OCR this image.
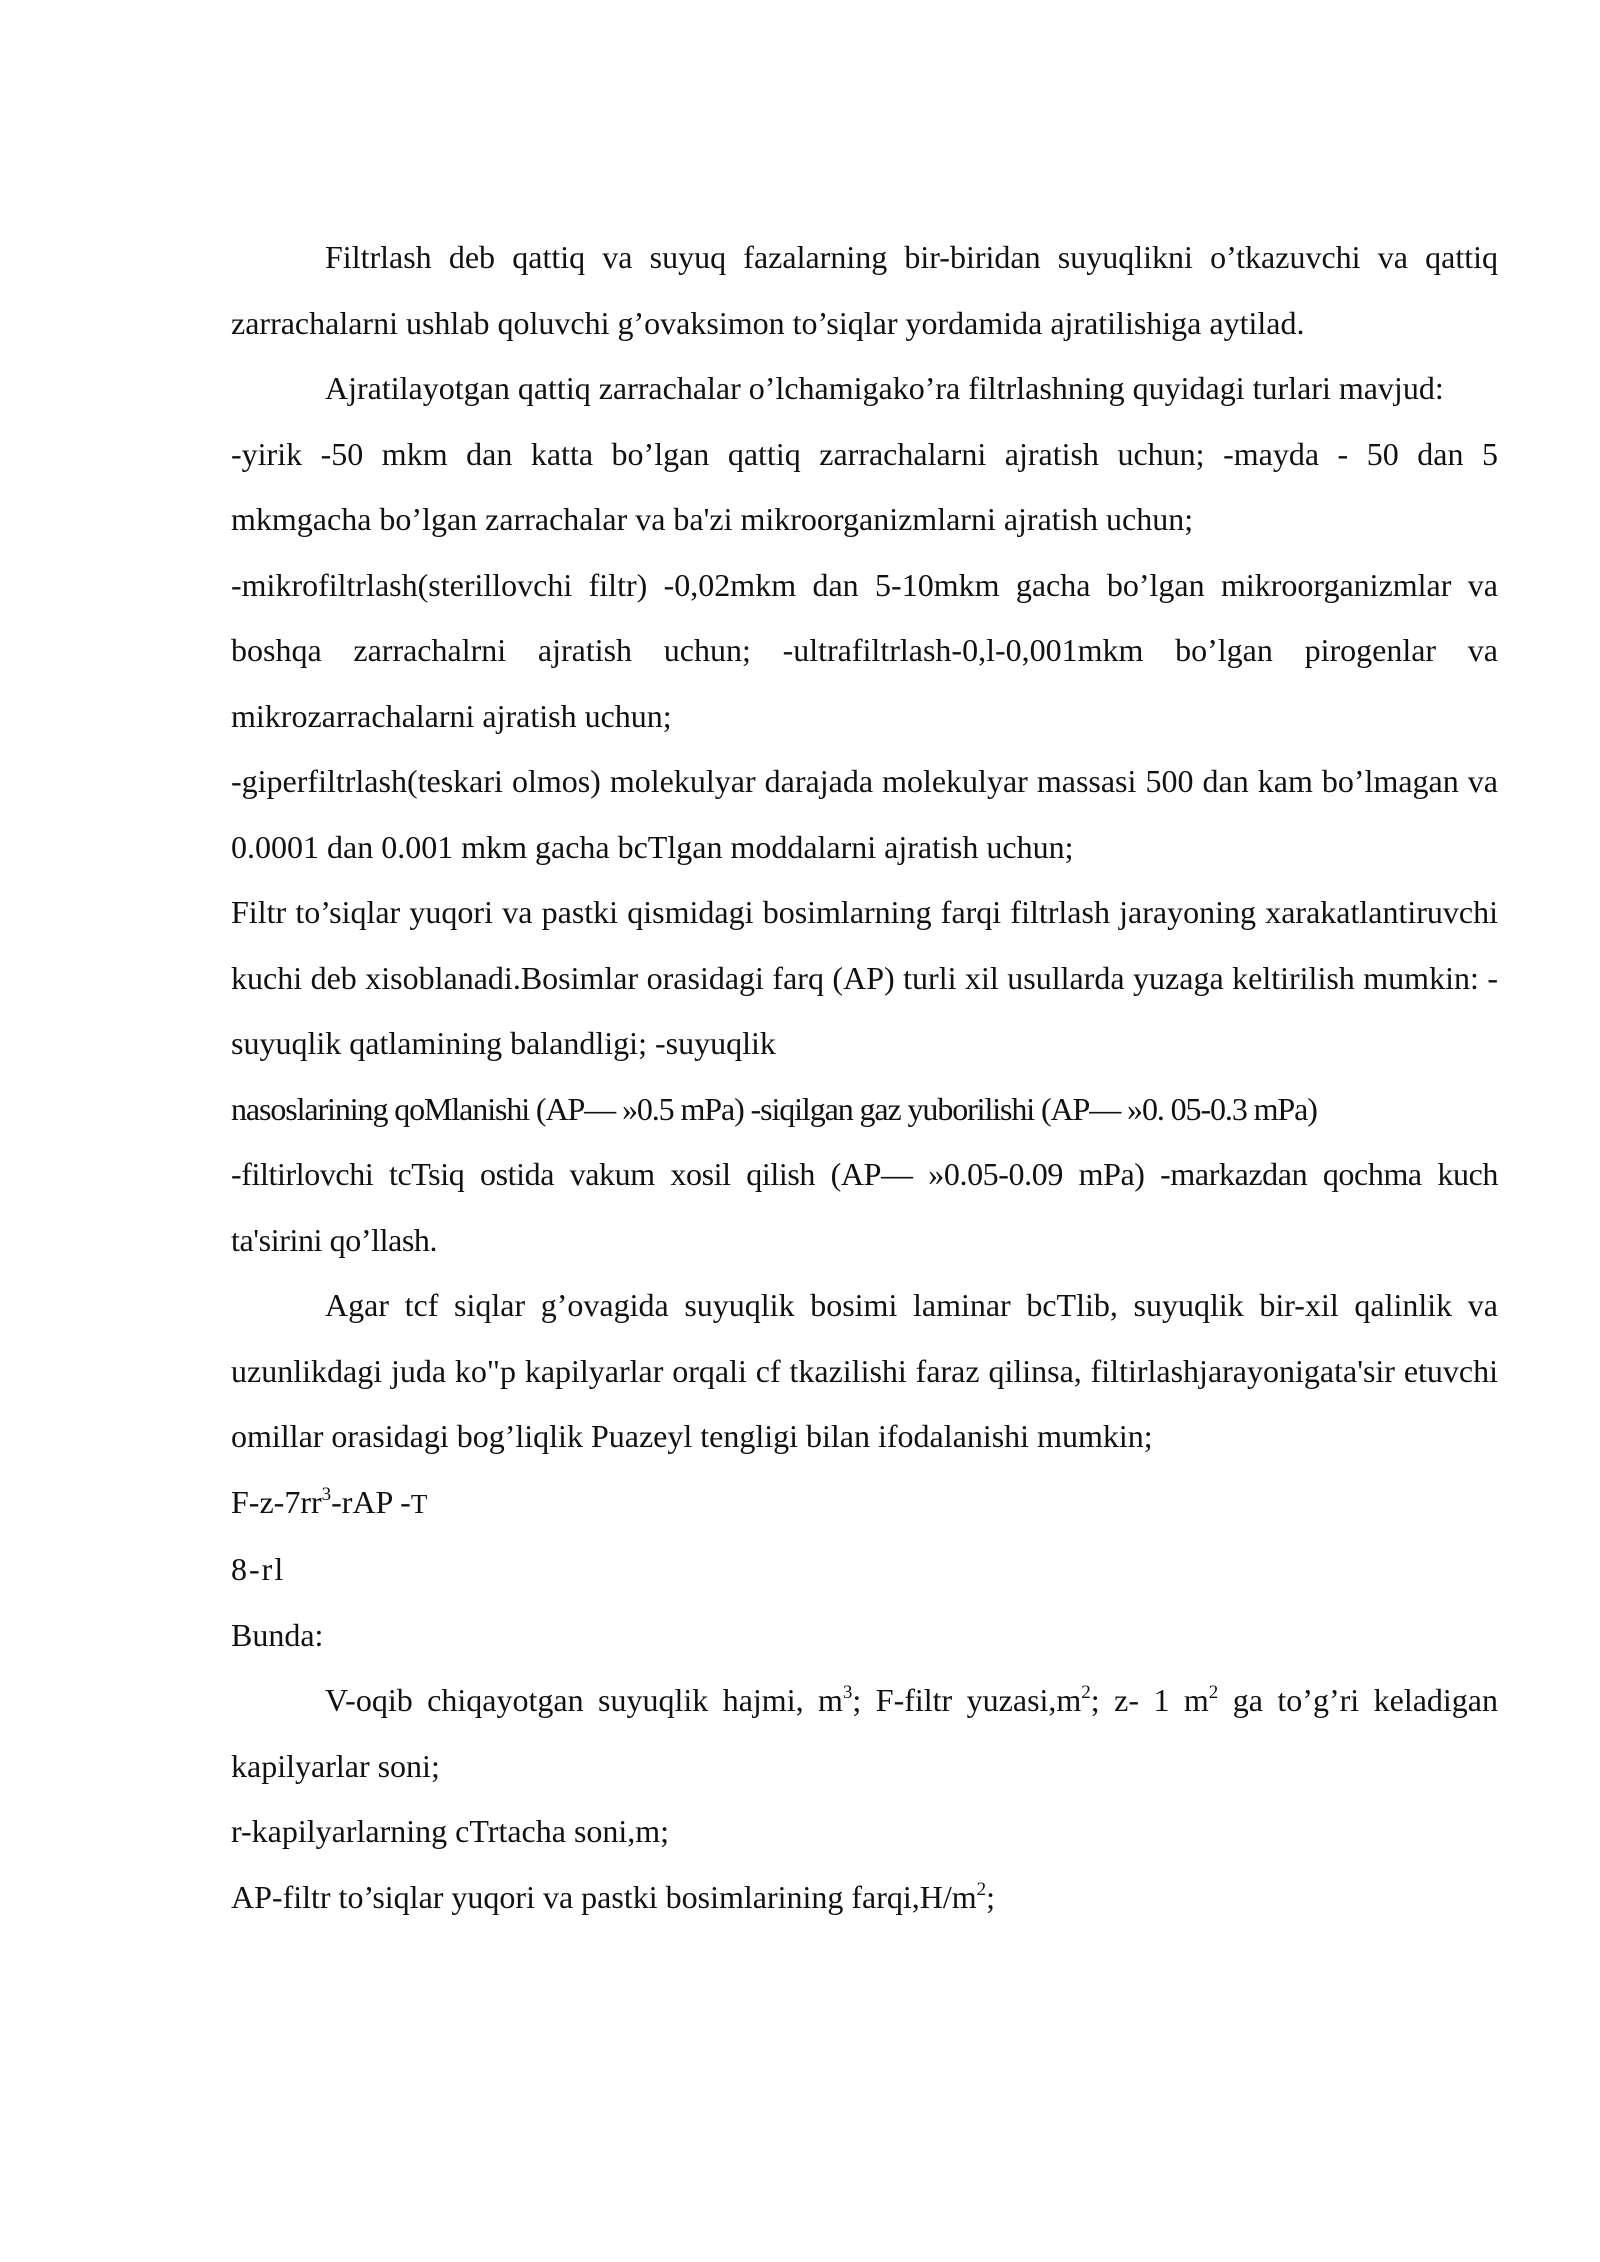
Filtrlash deb qattiq va suyuq fazalarning bir-biridan suyuqlikni o’tkazuvchi va qattiq zarrachalarni ushlab qoluvchi g’ovaksimon to’siqlar yordamida ajratilishiga aytilad.

Ajratilayotgan qattiq zarrachalar o’lchamigako’ra filtrlashning quyidagi turlari mavjud:

-yirik -50 mkm dan katta bo’lgan qattiq zarrachalarni ajratish uchun; -mayda - 50 dan 5 mkmgacha bo’lgan zarrachalar va ba'zi mikroorganizmlarni ajratish uchun;

-mikrofiltrlash(sterillovchi filtr) -0,02mkm dan 5-10mkm gacha bo’lgan mikroorganizmlar va boshqa zarrachalrni ajratish uchun; -ultrafiltrlash-0,l-0,001mkm bo’lgan pirogenlar va mikrozarrachalarni ajratish uchun;

-giperfiltrlash(teskari olmos) molekulyar darajada molekulyar massasi 500 dan kam bo’lmagan va 0.0001 dan 0.001 mkm gacha bcTlgan moddalarni ajratish uchun;

Filtr to’siqlar yuqori va pastki qismidagi bosimlarning farqi filtrlash jarayoning xarakatlantiruvchi kuchi deb xisoblanadi.Bosimlar orasidagi farq (AP) turli xil usullarda yuzaga keltirilish mumkin: - suyuqlik qatlamining balandligi; -suyuqlik
nasoslarining qoMlanishi (AP— »0.5 mPa) -siqilgan gaz yuborilishi (AP— »0. 05-0.3 mPa)
-filtirlovchi tcTsiq ostida vakum xosil qilish (AP— »0.05-0.09 mPa) -markazdan qochma kuch ta'sirini qo’llash.

Agar tcf siqlar g’ovagida suyuqlik bosimi laminar bcTlib, suyuqlik bir-xil qalinlik va uzunlikdagi juda ko"p kapilyarlar orqali cf tkazilishi faraz qilinsa, filtirlashjarayonigata'sir etuvchi omillar orasidagi bog’liqlik Puazeyl tengligi bilan ifodalanishi mumkin;

$F-z-7rr^3$-rAP -T

8-rl

Bunda:

V-oqib chiqayotgan suyuqlik hajmi, $m^3$; F-filtr $yuzasi,m^2$; z- 1 $m^2$ ga to’g’ri keladigan kapilyarlar soni;

r-kapilyarlarning cTrtacha soni,m;

AP-filtr to’siqlar yuqori va pastki bosimlarining $farqi,H/m^2$;
